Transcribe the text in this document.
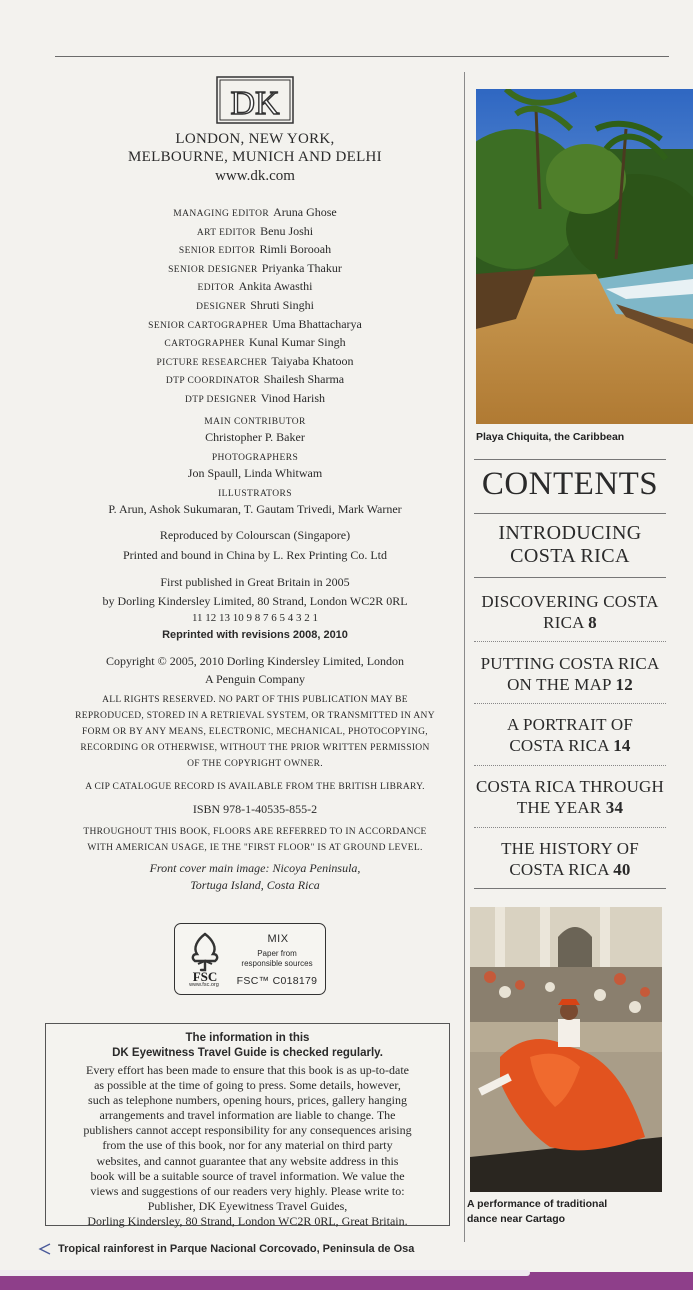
DK
LONDON, NEW YORK,
MELBOURNE, MUNICH AND DELHI
www.dk.com
MANAGING EDITOR Aruna Ghose
ART EDITOR Benu Joshi
SENIOR EDITOR Rimli Borooah
SENIOR DESIGNER Priyanka Thakur
EDITOR Ankita Awasthi
DESIGNER Shruti Singhi
SENIOR CARTOGRAPHER Uma Bhattacharya
CARTOGRAPHER Kunal Kumar Singh
PICTURE RESEARCHER Taiyaba Khatoon
DTP COORDINATOR Shailesh Sharma
DTP DESIGNER Vinod Harish
MAIN CONTRIBUTOR
Christopher P. Baker
PHOTOGRAPHERS
Jon Spaull, Linda Whitwam
ILLUSTRATORS
P. Arun, Ashok Sukumaran, T. Gautam Trivedi, Mark Warner
Reproduced by Colourscan (Singapore)
Printed and bound in China by L. Rex Printing Co. Ltd
First published in Great Britain in 2005
by Dorling Kindersley Limited, 80 Strand, London WC2R 0RL
11 12 13 10 9 8 7 6 5 4 3 2 1
Reprinted with revisions 2008, 2010
Copyright © 2005, 2010 Dorling Kindersley Limited, London
A Penguin Company
ALL RIGHTS RESERVED. NO PART OF THIS PUBLICATION MAY BE
REPRODUCED, STORED IN A RETRIEVAL SYSTEM, OR TRANSMITTED IN ANY
FORM OR BY ANY MEANS, ELECTRONIC, MECHANICAL, PHOTOCOPYING,
RECORDING OR OTHERWISE, WITHOUT THE PRIOR WRITTEN PERMISSION
OF THE COPYRIGHT OWNER.
A CIP CATALOGUE RECORD IS AVAILABLE FROM THE BRITISH LIBRARY.
ISBN 978-1-40535-855-2
THROUGHOUT THIS BOOK, FLOORS ARE REFERRED TO IN ACCORDANCE
WITH AMERICAN USAGE, IE THE "FIRST FLOOR" IS AT GROUND LEVEL.
Front cover main image: Nicoya Peninsula,
Tortuga Island, Costa Rica
FSC
www.fsc.org
MIX
Paper from
responsible sources
FSC™ C018179
The information in this
DK Eyewitness Travel Guide is checked regularly.
Every effort has been made to ensure that this book is as up-to-date
as possible at the time of going to press. Some details, however,
such as telephone numbers, opening hours, prices, gallery hanging
arrangements and travel information are liable to change. The
publishers cannot accept responsibility for any consequences arising
from the use of this book, nor for any material on third party
websites, and cannot guarantee that any website address in this
book will be a suitable source of travel information. We value the
views and suggestions of our readers very highly. Please write to:
Publisher, DK Eyewitness Travel Guides,
Dorling Kindersley, 80 Strand, London WC2R 0RL, Great Britain.
Tropical rainforest in Parque Nacional Corcovado, Peninsula de Osa
Playa Chiquita, the Caribbean
CONTENTS
INTRODUCING
COSTA RICA
DISCOVERING COSTA
RICA 8
PUTTING COSTA RICA
ON THE MAP 12
A PORTRAIT OF
COSTA RICA 14
COSTA RICA THROUGH
THE YEAR 34
THE HISTORY OF
COSTA RICA 40
A performance of traditional
dance near Cartago
